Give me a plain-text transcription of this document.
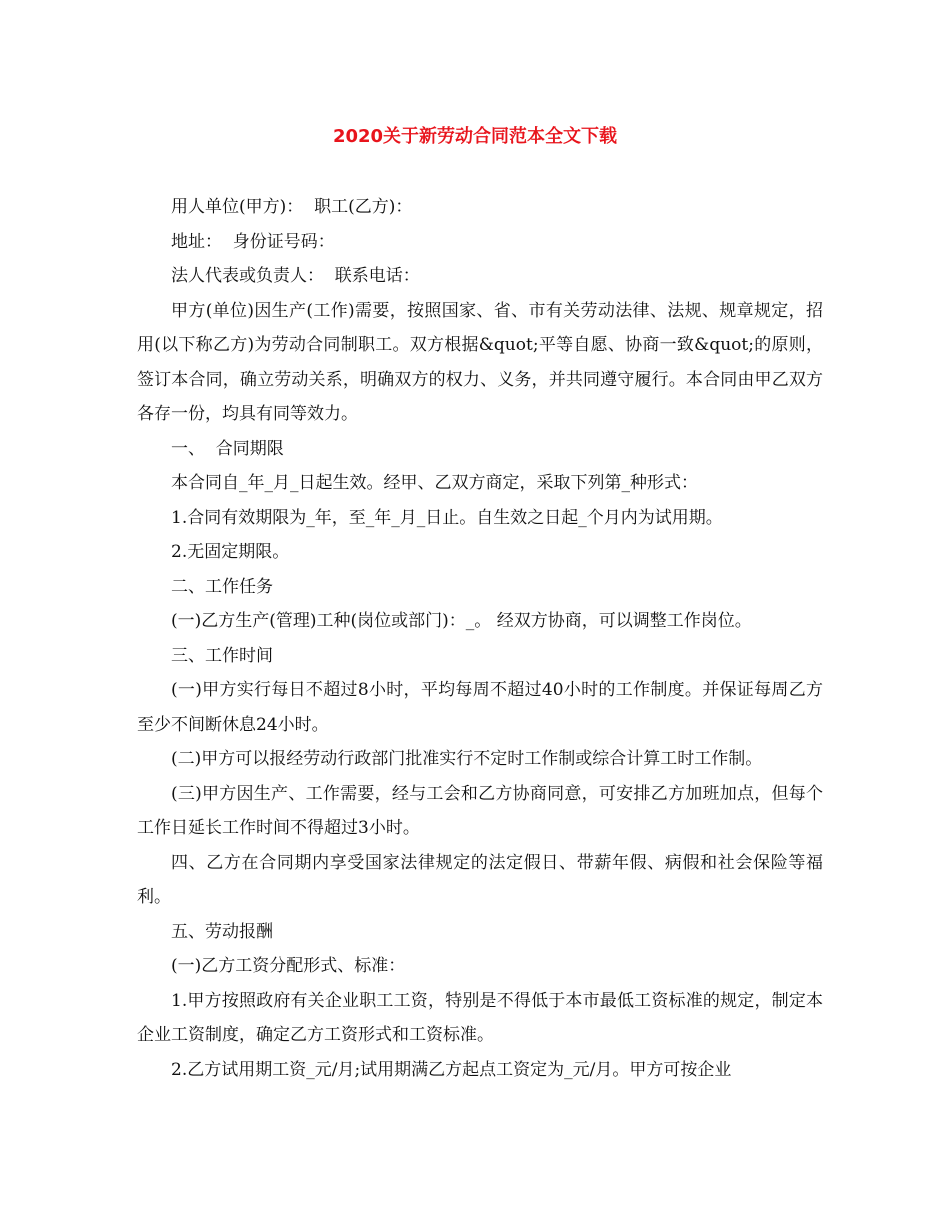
2020关于新劳动合同范本全文下载

用人单位(甲方)：  职工(乙方)：

地址：  身份证号码：

法人代表或负责人：  联系电话：

甲方(单位)因生产(工作)需要，按照国家、省、市有关劳动法律、法规、规章规定，招用(以下称乙方)为劳动合同制职工。双方根据&quot;平等自愿、协商一致&quot;的原则，签订本合同，确立劳动关系，明确双方的权力、义务，并共同遵守履行。本合同由甲乙双方各存一份，均具有同等效力。

一、  合同期限

本合同自_年_月_日起生效。经甲、乙双方商定，采取下列第_种形式：

1.合同有效期限为_年，至_年_月_日止。自生效之日起_个月内为试用期。

2.无固定期限。

二、工作任务

(一)乙方生产(管理)工种(岗位或部门)：_。 经双方协商，可以调整工作岗位。

三、工作时间

(一)甲方实行每日不超过8小时，平均每周不超过40小时的工作制度。并保证每周乙方至少不间断休息24小时。

(二)甲方可以报经劳动行政部门批准实行不定时工作制或综合计算工时工作制。

(三)甲方因生产、工作需要，经与工会和乙方协商同意，可安排乙方加班加点，但每个工作日延长工作时间不得超过3小时。

四、乙方在合同期内享受国家法律规定的法定假日、带薪年假、病假和社会保险等福利。

五、劳动报酬

(一)乙方工资分配形式、标准：

1.甲方按照政府有关企业职工工资，特别是不得低于本市最低工资标准的规定，制定本企业工资制度，确定乙方工资形式和工资标准。

2.乙方试用期工资_元/月;试用期满乙方起点工资定为_元/月。甲方可按企业
